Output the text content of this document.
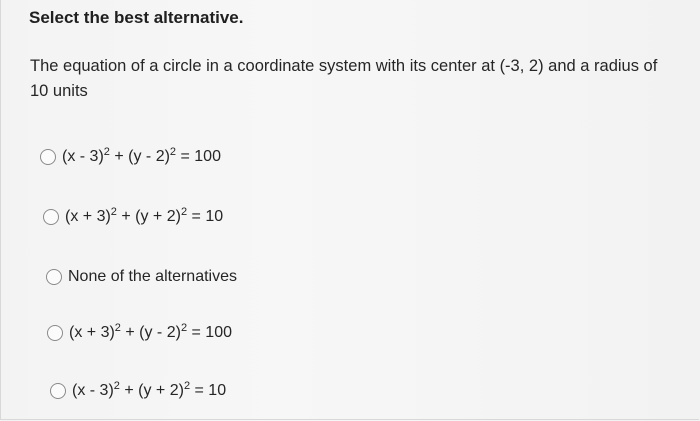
Select the best alternative.
The equation of a circle in a coordinate system with its center at (-3, 2) and a radius of 10 units
(x - 3)$^2$ + (y - 2)$^2$ = 100
$(x + 3)^2 + (y + 2)^2 = 10$
None of the alternatives
$(x + 3)^2 + (y - 2)^2 = 100$
$(x - 3)^2 + (y + 2)^2 = 10$
